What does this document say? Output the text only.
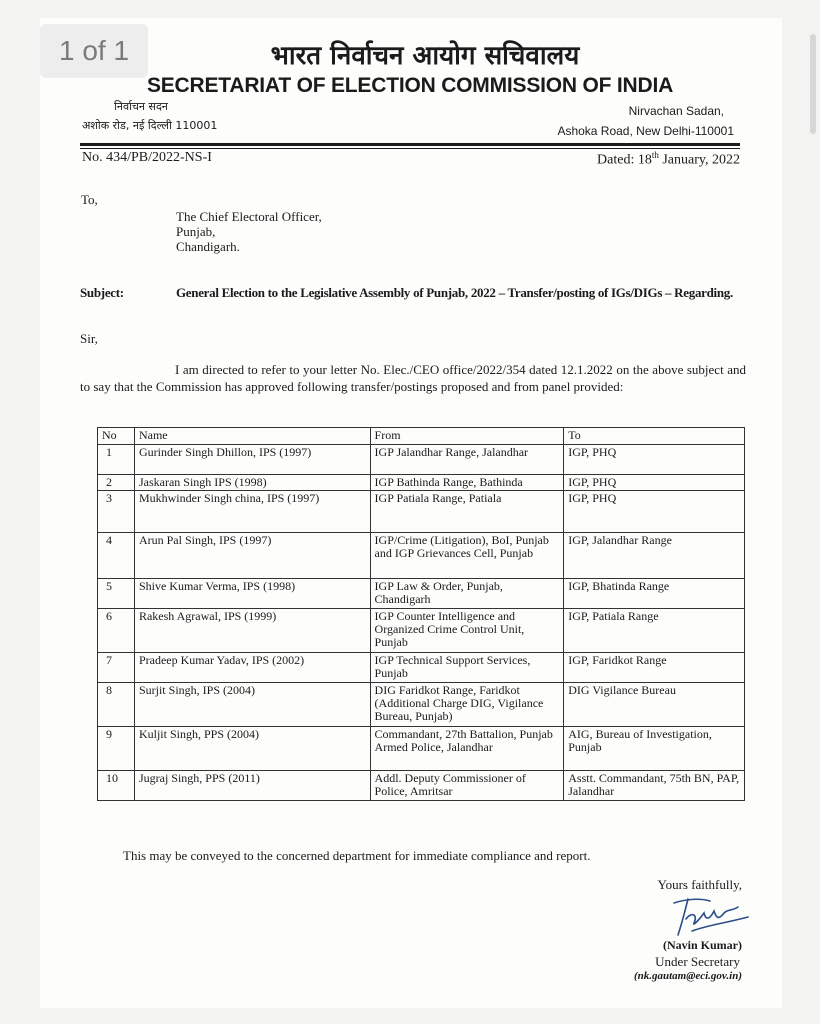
1 of 1	भारत निर्वाचन आयोग सचिवालय
SECRETARIAT OF ELECTION COMMISSION OF INDIA
निर्वाचन सदन
अशोक रोड, नई दिल्ली 110001
Nirvachan Sadan,
Ashoka Road, New Delhi-110001
No. 434/PB/2022-NS-I	Dated: 18th January, 2022
To,
The Chief Electoral Officer,
Punjab,
Chandigarh.
Subject:	General Election to the Legislative Assembly of Punjab, 2022 – Transfer/posting of IGs/DIGs – Regarding.
Sir,
I am directed to refer to your letter No. Elec./CEO office/2022/354 dated 12.1.2022 on the above subject and to say that the Commission has approved following transfer/postings proposed and from panel provided:
No	Name	From	To
1	Gurinder Singh Dhillon, IPS (1997)	IGP Jalandhar Range, Jalandhar	IGP, PHQ
2	Jaskaran Singh IPS (1998)	IGP Bathinda Range, Bathinda	IGP, PHQ
3	Mukhwinder Singh china, IPS (1997)	IGP Patiala Range, Patiala	IGP, PHQ
4	Arun Pal Singh, IPS (1997)	IGP/Crime (Litigation), BoI, Punjab and IGP Grievances Cell, Punjab	IGP, Jalandhar Range
5	Shive Kumar Verma, IPS (1998)	IGP Law & Order, Punjab, Chandigarh	IGP, Bhatinda Range
6	Rakesh Agrawal, IPS (1999)	IGP Counter Intelligence and Organized Crime Control Unit, Punjab	IGP, Patiala Range
7	Pradeep Kumar Yadav, IPS (2002)	IGP Technical Support Services, Punjab	IGP, Faridkot Range
8	Surjit Singh, IPS (2004)	DIG Faridkot Range, Faridkot (Additional Charge DIG, Vigilance Bureau, Punjab)	DIG Vigilance Bureau
9	Kuljit Singh, PPS (2004)	Commandant, 27th Battalion, Punjab Armed Police, Jalandhar	AIG, Bureau of Investigation, Punjab
10	Jugraj Singh, PPS (2011)	Addl. Deputy Commissioner of Police, Amritsar	Asstt. Commandant, 75th BN, PAP, Jalandhar
This may be conveyed to the concerned department for immediate compliance and report.
Yours faithfully,
(Navin Kumar)
Under Secretary
(nk.gautam@eci.gov.in)
